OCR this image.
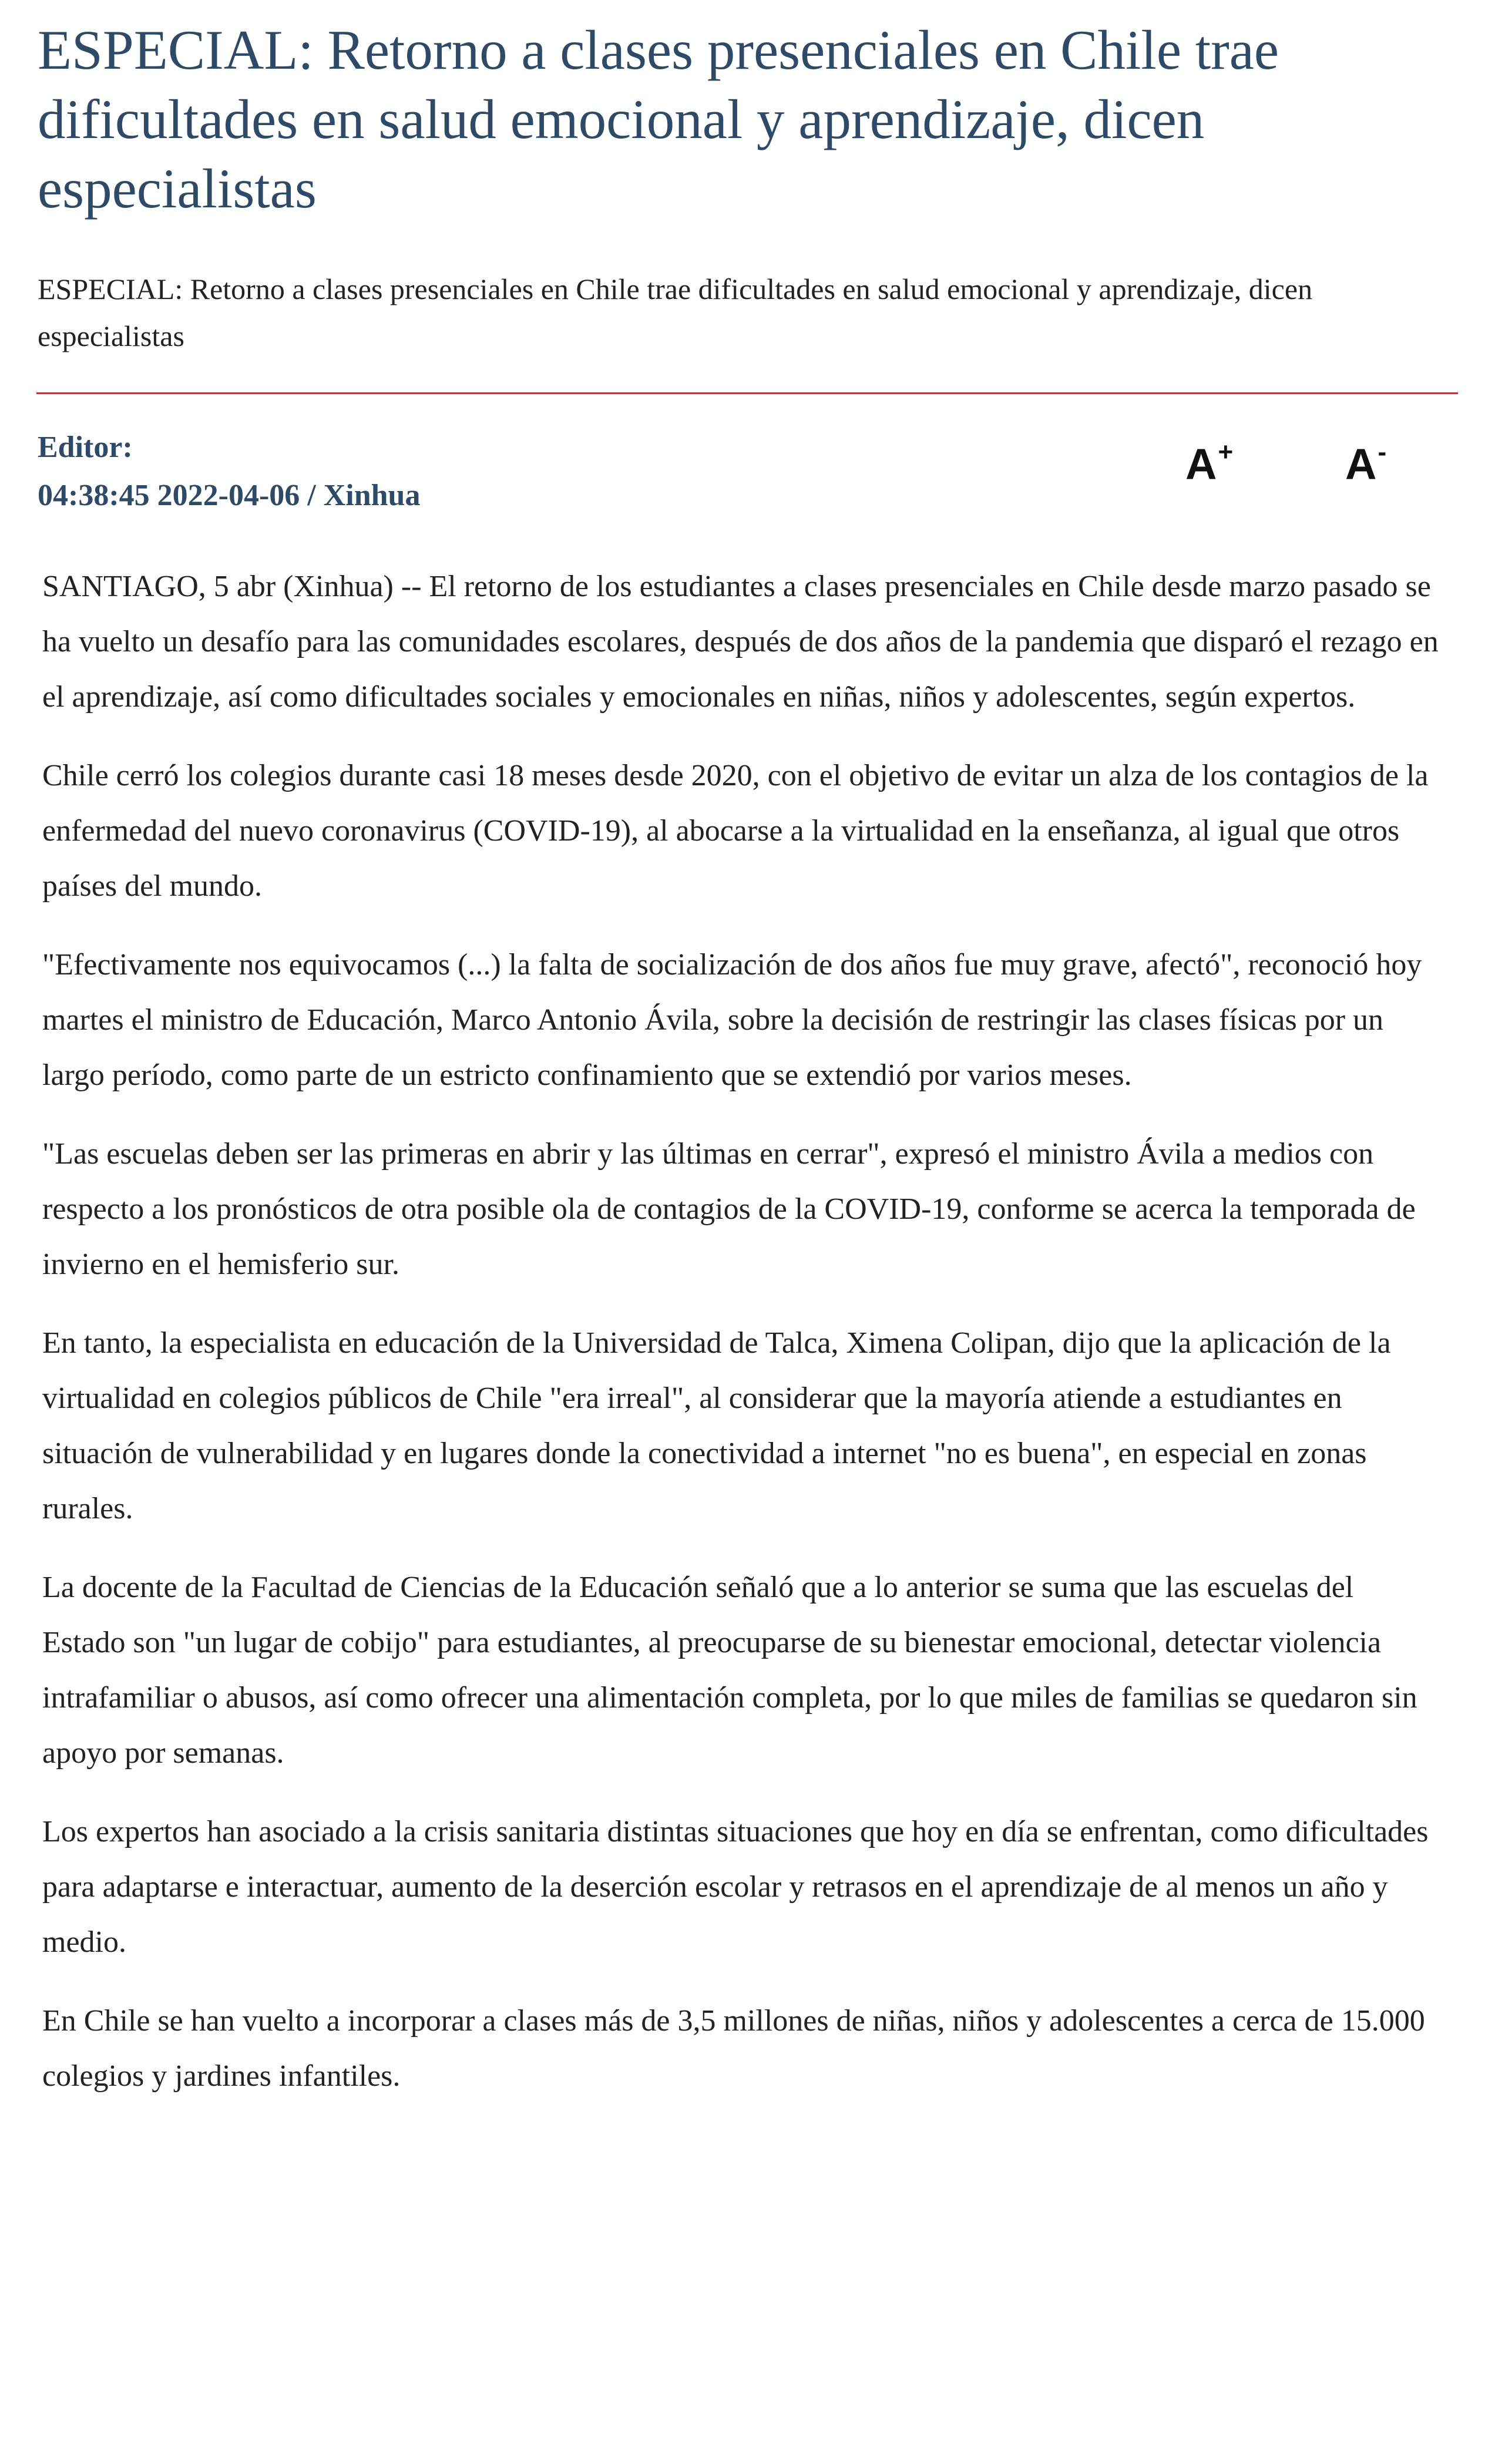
ESPECIAL: Retorno a clases presenciales en Chile trae dificultades en salud emocional y aprendizaje, dicen especialistas

ESPECIAL: Retorno a clases presenciales en Chile trae dificultades en salud emocional y aprendizaje, dicen especialistas

Editor:
04:38:45 2022-04-06 / Xinhua
A+	A-

SANTIAGO, 5 abr (Xinhua) -- El retorno de los estudiantes a clases presenciales en Chile desde marzo pasado se ha vuelto un desafío para las comunidades escolares, después de dos años de la pandemia que disparó el rezago en el aprendizaje, así como dificultades sociales y emocionales en niñas, niños y adolescentes, según expertos.

Chile cerró los colegios durante casi 18 meses desde 2020, con el objetivo de evitar un alza de los contagios de la enfermedad del nuevo coronavirus (COVID-19), al abocarse a la virtualidad en la enseñanza, al igual que otros países del mundo.

"Efectivamente nos equivocamos (...) la falta de socialización de dos años fue muy grave, afectó", reconoció hoy martes el ministro de Educación, Marco Antonio Ávila, sobre la decisión de restringir las clases físicas por un largo período, como parte de un estricto confinamiento que se extendió por varios meses.

"Las escuelas deben ser las primeras en abrir y las últimas en cerrar", expresó el ministro Ávila a medios con respecto a los pronósticos de otra posible ola de contagios de la COVID-19, conforme se acerca la temporada de invierno en el hemisferio sur.

En tanto, la especialista en educación de la Universidad de Talca, Ximena Colipan, dijo que la aplicación de la virtualidad en colegios públicos de Chile "era irreal", al considerar que la mayoría atiende a estudiantes en situación de vulnerabilidad y en lugares donde la conectividad a internet "no es buena", en especial en zonas rurales.

La docente de la Facultad de Ciencias de la Educación señaló que a lo anterior se suma que las escuelas del Estado son "un lugar de cobijo" para estudiantes, al preocuparse de su bienestar emocional, detectar violencia intrafamiliar o abusos, así como ofrecer una alimentación completa, por lo que miles de familias se quedaron sin apoyo por semanas.

Los expertos han asociado a la crisis sanitaria distintas situaciones que hoy en día se enfrentan, como dificultades para adaptarse e interactuar, aumento de la deserción escolar y retrasos en el aprendizaje de al menos un año y medio.

En Chile se han vuelto a incorporar a clases más de 3,5 millones de niñas, niños y adolescentes a cerca de 15.000 colegios y jardines infantiles.
